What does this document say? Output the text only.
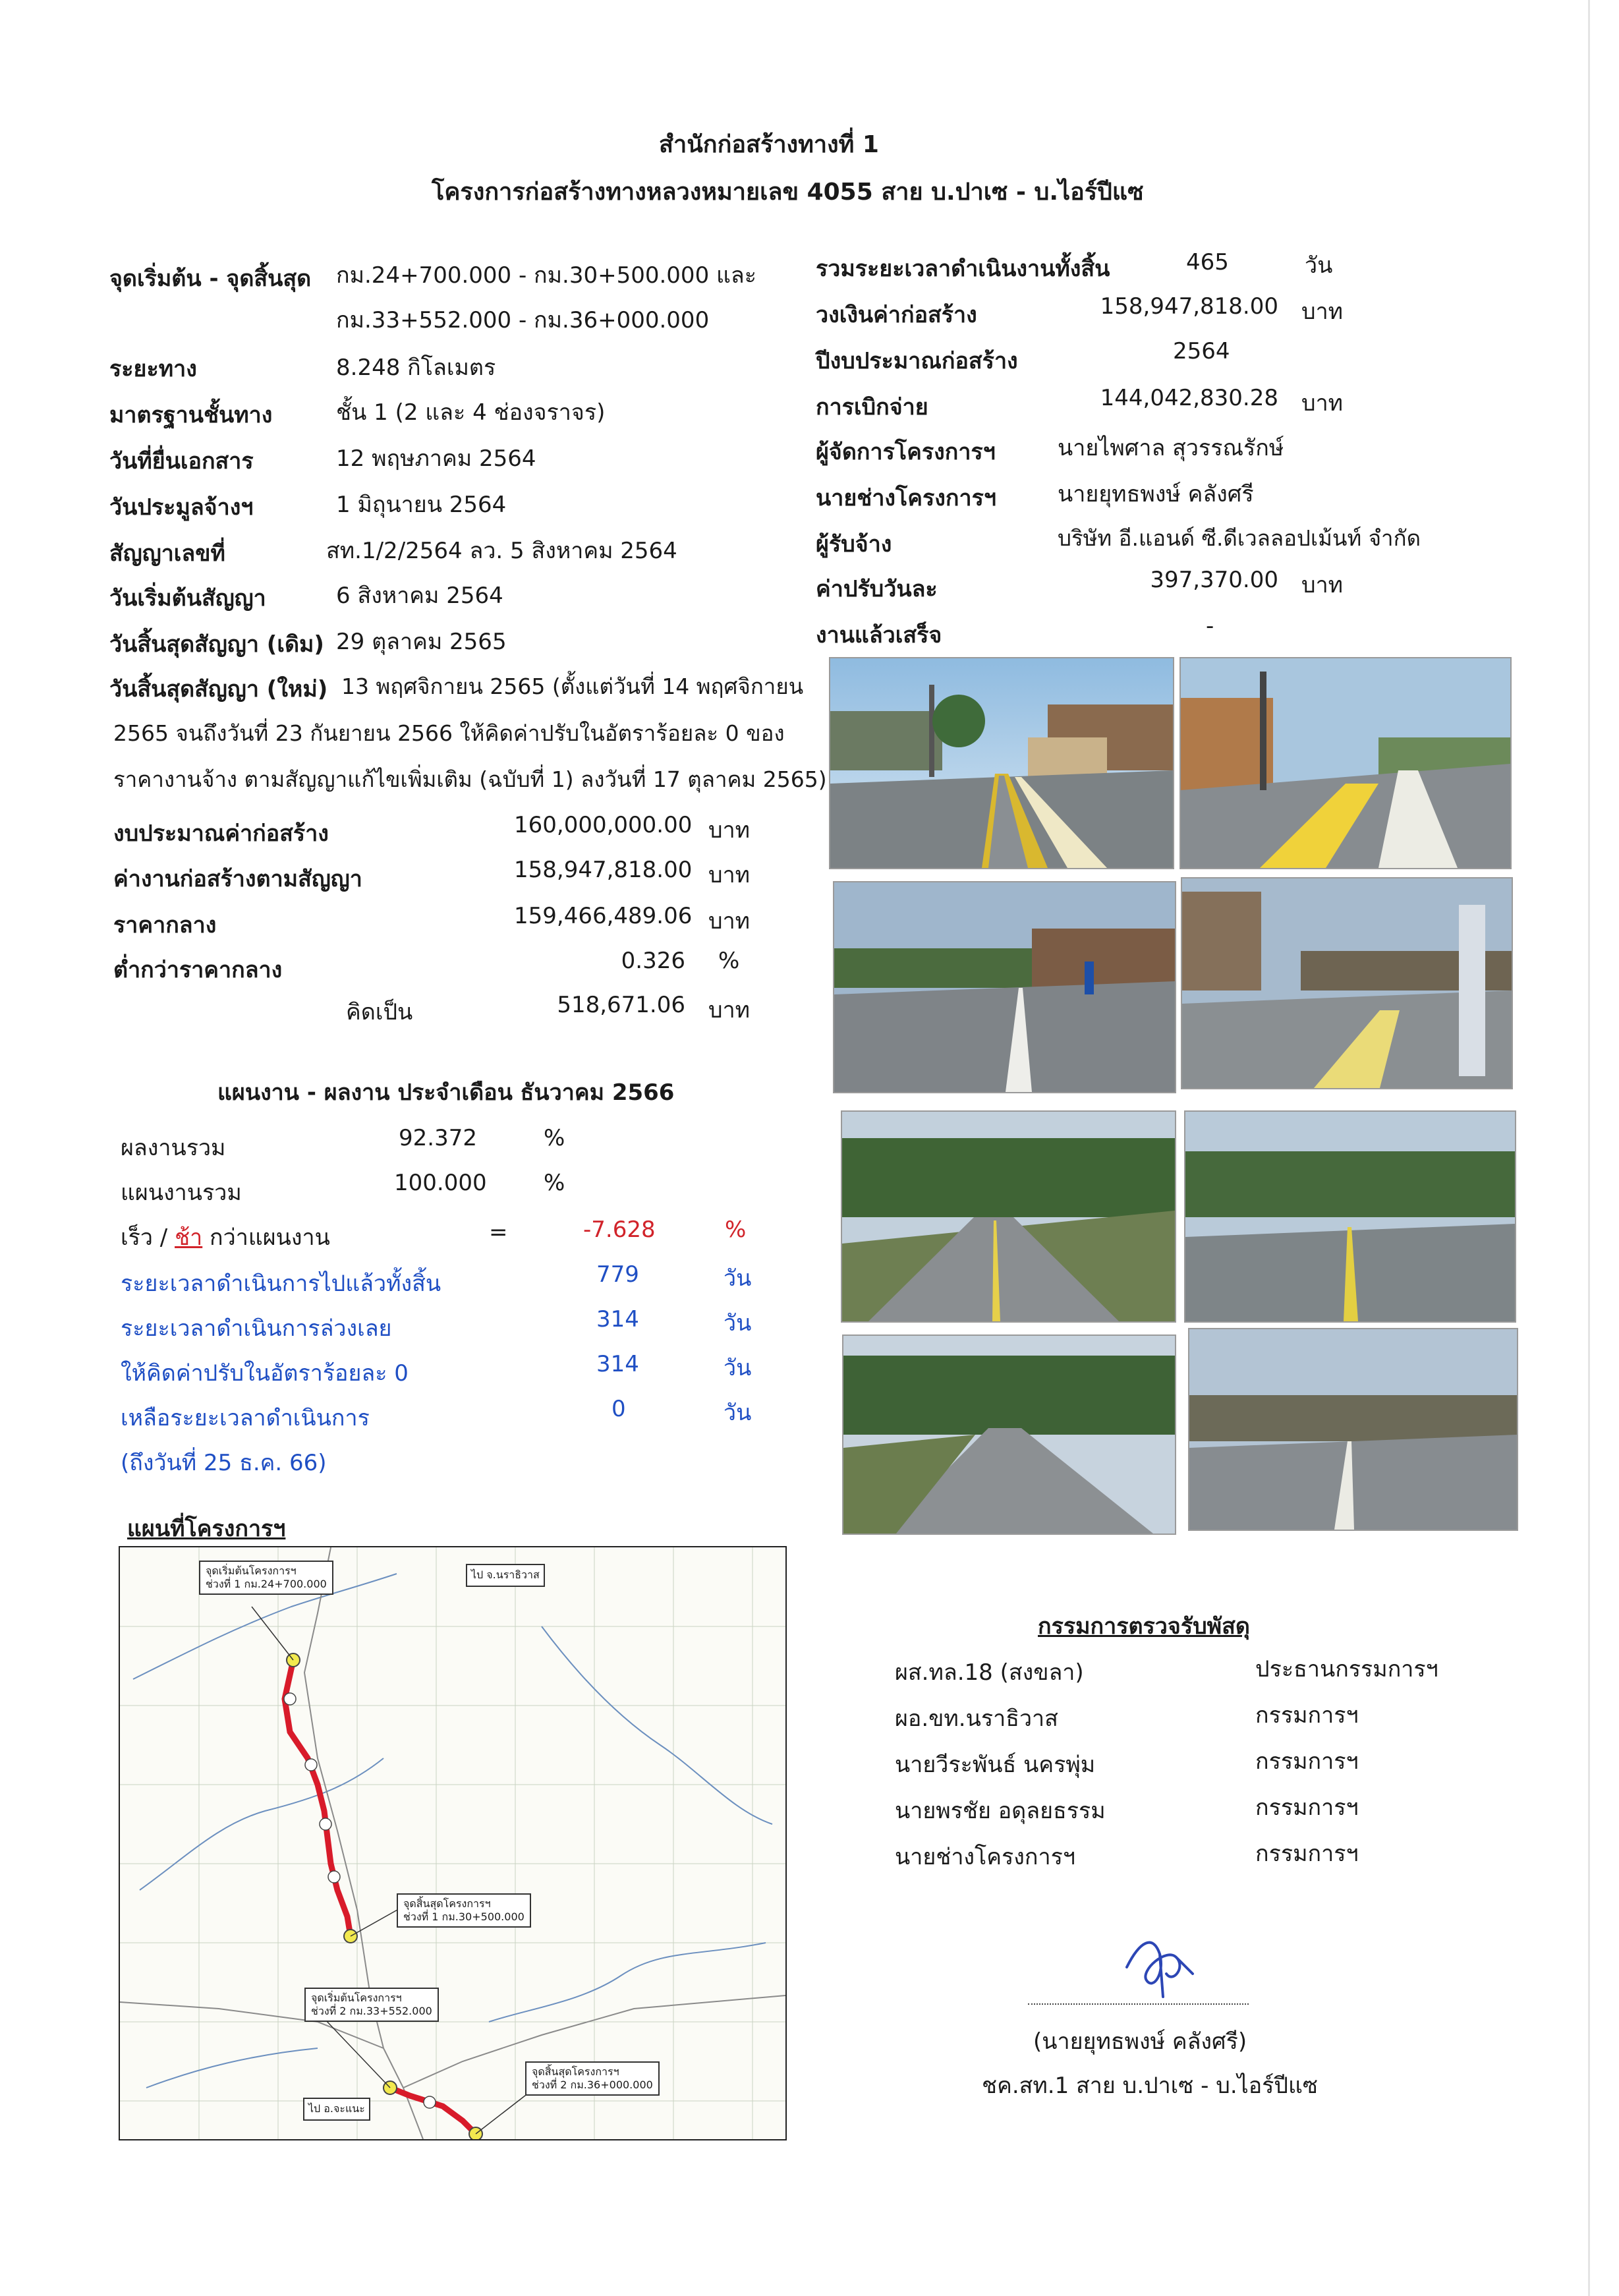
สำนักก่อสร้างทางที่ 1
โครงการก่อสร้างทางหลวงหมายเลข 4055 สาย บ.ปาเซ - บ.ไอร์ปีแซ
จุดเริ่มต้น - จุดสิ้นสุด กม.24+700.000 - กม.30+500.000 และ
กม.33+552.000 - กม.36+000.000
ระยะทาง	8.248 กิโลเมตร
มาตรฐานชั้นทาง	ชั้น 1 (2 และ 4 ช่องจราจร)
วันที่ยื่นเอกสาร	12 พฤษภาคม 2564
วันประมูลจ้างฯ	1 มิถุนายน 2564
สัญญาเลขที่	สท.1/2/2564 ลว. 5 สิงหาคม 2564
วันเริ่มต้นสัญญา	6 สิงหาคม 2564
วันสิ้นสุดสัญญา (เดิม) 29 ตุลาคม 2565
วันสิ้นสุดสัญญา (ใหม่) 13 พฤศจิกายน 2565 (ตั้งแต่วันที่ 14 พฤศจิกายน
2565 จนถึงวันที่ 23 กันยายน 2566 ให้คิดค่าปรับในอัตราร้อยละ 0 ของ
ราคางานจ้าง ตามสัญญาแก้ไขเพิ่มเติม (ฉบับที่ 1) ลงวันที่ 17 ตุลาคม 2565)
งบประมาณค่าก่อสร้าง	160,000,000.00 บาท
ค่างานก่อสร้างตามสัญญา	158,947,818.00 บาท
ราคากลาง	159,466,489.06 บาท
ต่ำกว่าราคากลาง	0.326 %
คิดเป็น	518,671.06 บาท
รวมระยะเวลาดำเนินงานทั้งสิ้น	465	วัน
วงเงินค่าก่อสร้าง	158,947,818.00 บาท
ปีงบประมาณก่อสร้าง	2564
การเบิกจ่าย	144,042,830.28 บาท
ผู้จัดการโครงการฯ	นายไพศาล สุวรรณรักษ์
นายช่างโครงการฯ	นายยุทธพงษ์ คลังศรี
ผู้รับจ้าง	บริษัท อี.แอนด์ ซี.ดีเวลลอปเม้นท์ จำกัด
ค่าปรับวันละ	397,370.00 บาท
งานแล้วเสร็จ	-
แผนงาน - ผลงาน ประจำเดือน ธันวาคม 2566
ผลงานรวม	92.372	%
แผนงานรวม	100.000	%
เร็ว / ช้า กว่าแผนงาน	=	-7.628	%
ระยะเวลาดำเนินการไปแล้วทั้งสิ้น	779	วัน
ระยะเวลาดำเนินการล่วงเลย	314	วัน
ให้คิดค่าปรับในอัตราร้อยละ 0	314	วัน
เหลือระยะเวลาดำเนินการ	0	วัน
(ถึงวันที่ 25 ธ.ค. 66)
แผนที่โครงการฯ
จุดเริ่มต้นโครงการฯ
ช่วงที่ 1 กม.24+700.000
ไป จ.นราธิวาส
จุดสิ้นสุดโครงการฯ
ช่วงที่ 1 กม.30+500.000
จุดเริ่มต้นโครงการฯ
ช่วงที่ 2 กม.33+552.000
จุดสิ้นสุดโครงการฯ
ช่วงที่ 2 กม.36+000.000
ไป อ.จะแนะ
กรรมการตรวจรับพัสดุ
ผส.ทล.18 (สงขลา)	ประธานกรรมการฯ
ผอ.ขท.นราธิวาส	กรรมการฯ
นายวีระพันธ์ นครพุ่ม	กรรมการฯ
นายพรชัย อดุลยธรรม	กรรมการฯ
นายช่างโครงการฯ	กรรมการฯ
(นายยุทธพงษ์ คลังศรี)
ชค.สท.1 สาย บ.ปาเซ - บ.ไอร์ปีแซ
